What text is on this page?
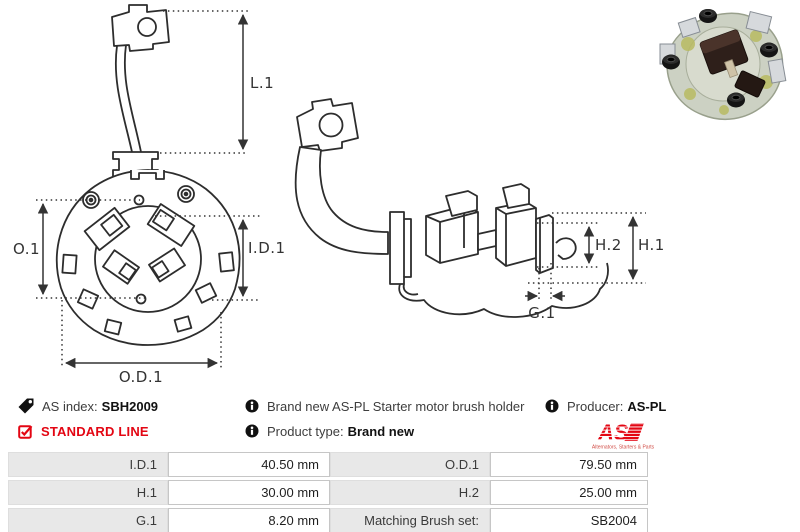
L.1
O.1	I.D.1
O.D.1
H.2 H.1
G.1
AS index: SBH2009
STANDARD LINE
Brand new AS-PL Starter motor brush holder
Product type: Brand new
Producer: AS-PL
AS
Alternators, Starters & Parts
I.D.1	40.50 mm	O.D.1	79.50 mm
H.1	30.00 mm	H.2	25.00 mm
G.1	8.20 mm	Matching Brush set:	SB2004
